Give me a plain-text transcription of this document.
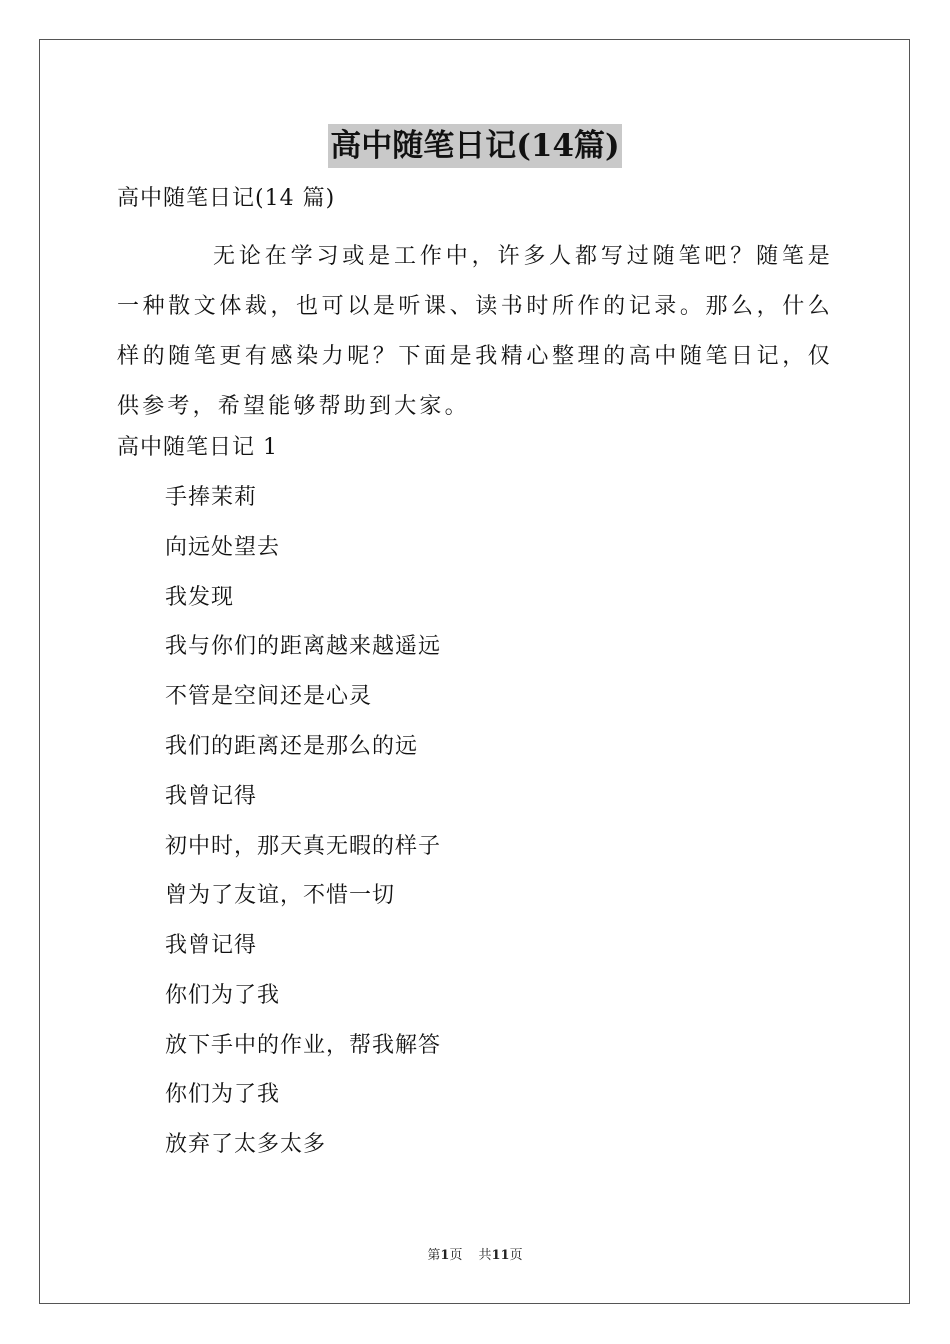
高中随笔日记(14篇)
高中随笔日记(14 篇)
无论在学习或是工作中，许多人都写过随笔吧？随笔是一种散文体裁，也可以是听课、读书时所作的记录。那么，什么样的随笔更有感染力呢？下面是我精心整理的高中随笔日记，仅供参考，希望能够帮助到大家。
高中随笔日记 1
手捧茉莉
向远处望去
我发现
我与你们的距离越来越遥远
不管是空间还是心灵
我们的距离还是那么的远
我曾记得
初中时，那天真无暇的样子
曾为了友谊，不惜一切
我曾记得
你们为了我
放下手中的作业，帮我解答
你们为了我
放弃了太多太多
第1页 共11页
